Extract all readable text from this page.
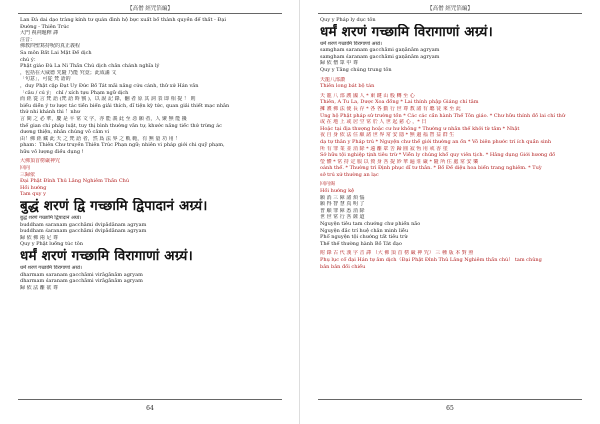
【高僧 經咒箔編】
Lan Đà dai dạo tràng kính tư quán đình hộ bực xuất bố thành quyền để thất - Đại
Đường - Thiên Trúc
大門 視祠題釋 譯
注音：
佛教四聖寫持呪的真正義程
Sa môn Bất Lai Mật Đế dịch
chú ý：
Phật giáo Đà La Ni Thần Chú dịch chân chánh nghĩa lý
，包括在大威德 咒隨 乃能 究竟；此成滿 文
「句意」，可從 梵 語的
，duy Phật cập Đạt Uy Đức Bồ Tát mãi năng cứu cánh, thử xứ Hán văn
「câu / cú ý」 chỉ / xích tựu Phạm ngữ dịch
而 經 從 言 梵 語 (梵 語 時 號 )，以 說 記 錄，翻 者 原 其 詞 表 即 相 提 ！ 則
biểu diễn ý tư lược tác tiền biến giải thích, dĩ tiện kỳ tức, quan giải thiết mạc nhân
thứ nhi khánh thi ！như
言 間 之 必 華，慶 是 平 常 文 字，亦 能 義 此 至 惡 願 者，人 聚 無 能 擾
thế gian chi pháp luật, tuy thị bình thường văn tự, khước năng tiếc thứ trừng ác
dương thiện, nhân chúng vô cảm vi
由！佛 經 藏 此 天 之 梵 語 者，然 爲 法 界 之 軌 範，有 無 量 功 用 ！
pham：Thiên Chư truyền Thiên Trúc Phạn ngữ; nhiên vi pháp giới chi quỹ phạm,
hữu vô lượng điều dụng !
大佛頂首楞嚴神咒
回向
三歸依
Đại Phật Đỉnh Thủ Lăng Nghiêm Thần Chú
Hồi hướng
Tam quy y
बुद्धं शरणं द्वि गच्छामि द्विपादानं अग्र्यं।
बुद्धं शरणं गच्छामि द्विपादानं अग्र्यं।
buddham saranam gacchāmi dvipādānam agryam
buddham śaranam gacchāmi dvipādānam agryam
歸 依 佛 兩 足 尊
Quy y Phật lưỡng túc tôn
धर्मं शरणं गच्छामि विरागाणां अग्र्यं।
धर्मं शरणं गच्छामि विरागाणां अग्र्यं।
dharmam saranam gacchāmi virāgānām agryam
dharmam śaranam gacchāmi virāgānām agryam
歸 依 法 離 欲 尊
64
【高僧 經咒箔編】
Quy y Pháp ly dục tôn
धर्मं शरणं गच्छामि विरागाणां अग्र्यं।
धर्मं शरणं गच्छामि विरागाणां अग्र्यं।
samgham saranam gacchāmi gaṇānām agryam
samgham śaranam gacchāmi gaṇānām agryam
歸 依 僧 眾 中 尊
Quy y Tăng chúng trung tôn
天龍八部讚
Thiên long bát bộ tán
天 龍 八 部 護 國 人 * 東 鍵 山 般 轉 至 心
Thiên, A Tu La, Dược Xoa đồng * Lai thính phập Giáng chí tâm
擁 護 佛 法 使 長 存 * 各 各 勤 行 世 尊 教 諸 有 聽 徒 來 至 此
Ủng hộ Phật pháp sử trường tồn * Các các cần hành Thế Tôn giáo. * Chư hữu thính đồ lai chí thử
或 在 地 上 或 居 空 常 於 人 世 起 慈 心 ，* 日
Hoặc tại địa thượng hoặc cư hư không * Thường ư nhân thế khởi từ tâm * Nhật
夜 自 身 依 法 住 願 諸 世 界 常 安 隱 * 無 邊 福 智 益 群 生
dạ tự thân y Pháp trú * Nguyện chư thế giới thường an ổn * Vô biên phước trí ích quần sinh
所 有 罪 業 並 消 除 * 遠 離 眾 苦 歸 圓 寂 恆 用 戒 香 塗
Sở hữu tội nghiệp tịnh tiêu trừ * Viễn ly chúng khổ quy viên tịch. * Hằng dụng Giới hương đồ
瑩 體 * 常 持 定 服 以 資 身 菩 提 妙 華 遍 莊 嚴 * 隨 所 住 處 常 安 樂
oánh thể. * Thường trì Định phục dĩ tư thân. * Bồ Đề diệu hoa biến trang nghiêm. * Tuỳ
sở trú xứ thường an lạc
回向偈
Hồi hướng kệ
願 消 三 障 諸 煩 惱
願 得 智 慧 真 明 了
普 願 罪 障 悉 消 除
世 世 常 行 菩 薩 道
Nguyện tiêu tam chướng chư phiền não
Nguyện đắc trí huệ chân minh liễu
Phổ nguyện tội chướng tất tiêu trừ
Thế thế thường hành Bồ Tát đạo
附 錄 古 代 漢 字 音 譯 （大 佛 頂 首 楞 嚴 神 咒） 三 種 版 本 對 照
Phụ lục cổ đại Hán tự âm dịch（Đại Phật Đỉnh Thủ Lăng Nghiêm thần chú） tam chủng
bản bản đối chiếu
65
